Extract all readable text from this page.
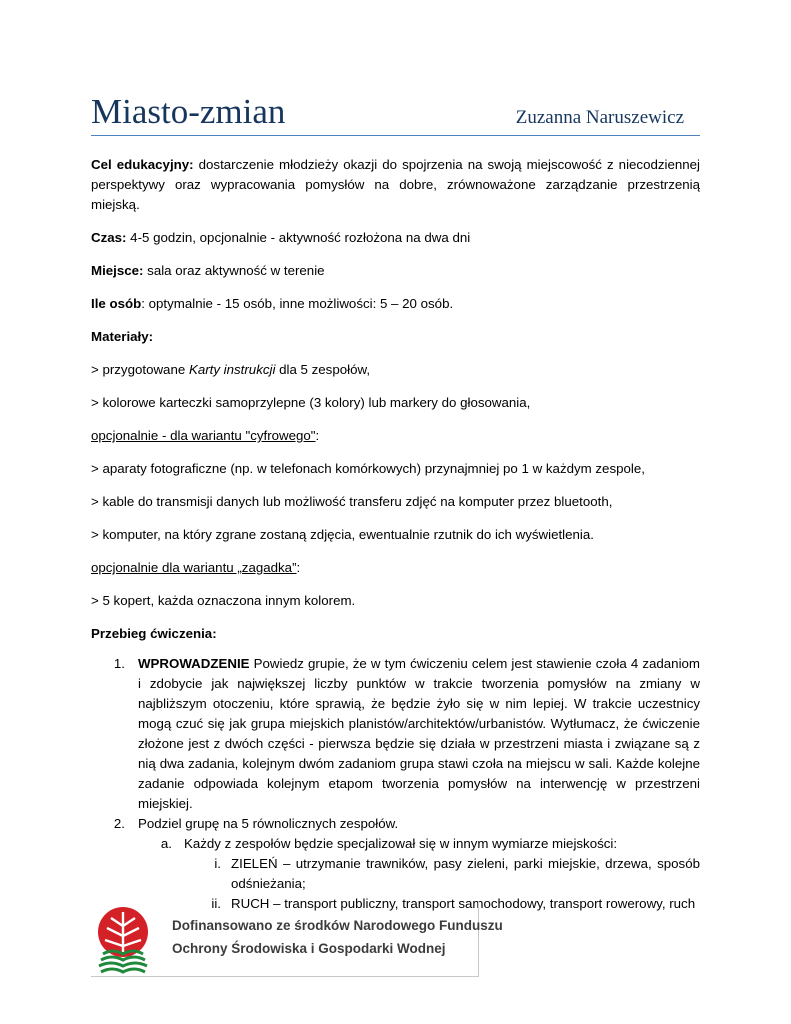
Miasto-zmian	Zuzanna Naruszewicz

Cel edukacyjny: dostarczenie młodzieży okazji do spojrzenia na swoją miejscowość z niecodziennej perspektywy oraz wypracowania pomysłów na dobre, zrównoważone zarządzanie przestrzenią miejską.

Czas: 4-5 godzin, opcjonalnie - aktywność rozłożona na dwa dni

Miejsce: sala oraz aktywność w terenie

Ile osób: optymalnie - 15 osób, inne możliwości: 5 – 20 osób.

Materiały:

> przygotowane Karty instrukcji dla 5 zespołów,

> kolorowe karteczki samoprzylepne (3 kolory) lub markery do głosowania,

opcjonalnie - dla wariantu "cyfrowego":

> aparaty fotograficzne (np. w telefonach komórkowych) przynajmniej po 1 w każdym zespole,

> kable do transmisji danych lub możliwość transferu zdjęć na komputer przez bluetooth,

> komputer, na który zgrane zostaną zdjęcia, ewentualnie rzutnik do ich wyświetlenia.

opcjonalnie dla wariantu „zagadka”:

> 5 kopert, każda oznaczona innym kolorem.

Przebieg ćwiczenia:

1. WPROWADZENIE Powiedz grupie, że w tym ćwiczeniu celem jest stawienie czoła 4 zadaniom i zdobycie jak największej liczby punktów w trakcie tworzenia pomysłów na zmiany w najbliższym otoczeniu, które sprawią, że będzie żyło się w nim lepiej. W trakcie uczestnicy mogą czuć się jak grupa miejskich planistów/architektów/urbanistów. Wytłumacz, że ćwiczenie złożone jest z dwóch części - pierwsza będzie się działa w przestrzeni miasta i związane są z nią dwa zadania, kolejnym dwóm zadaniom grupa stawi czoła na miejscu w sali. Każde kolejne zadanie odpowiada kolejnym etapom tworzenia pomysłów na interwencję w przestrzeni miejskiej.
2. Podziel grupę na 5 równolicznych zespołów.
a. Każdy z zespołów będzie specjalizował się w innym wymiarze miejskości:
i. ZIELEŃ – utrzymanie trawników, pasy zieleni, parki miejskie, drzewa, sposób odśnieżania;
ii. RUCH – transport publiczny, transport samochodowy, transport rowerowy, ruch
Dofinansowano ze środków Narodowego Funduszu
Ochrony Środowiska i Gospodarki Wodnej
